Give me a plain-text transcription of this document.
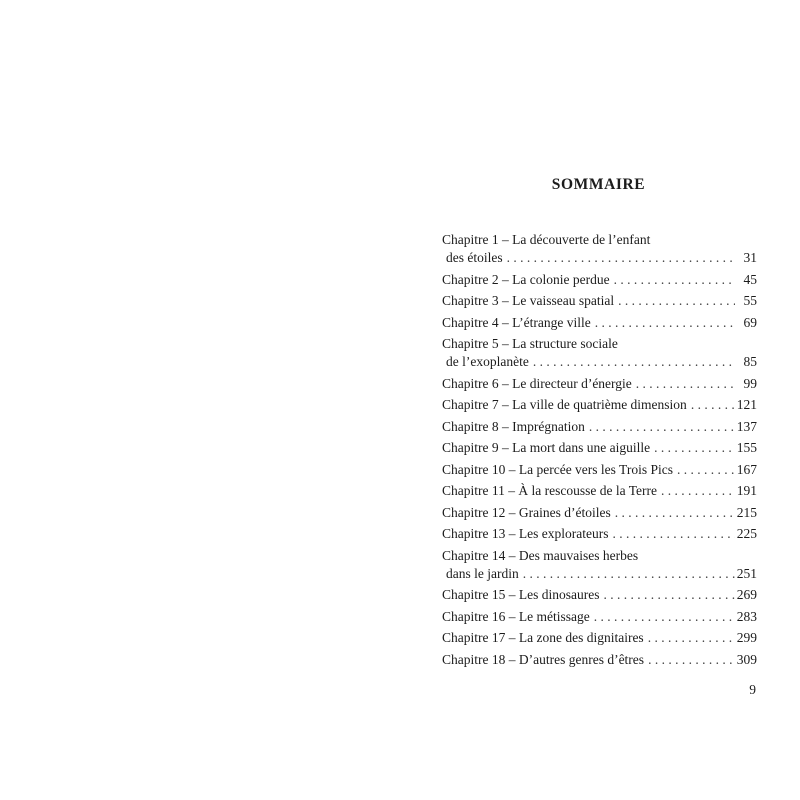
SOMMAIRE
Chapitre 1 – La découverte de l’enfant
des étoiles . . .	31
Chapitre 2 – La colonie perdue . . .	45
Chapitre 3 – Le vaisseau spatial . . .	55
Chapitre 4 – L’étrange ville . . .	69
Chapitre 5 – La structure sociale
de l’exoplanète . . .	85
Chapitre 6 – Le directeur d’énergie . . .	99
Chapitre 7 – La ville de quatrième dimension . . .	121
Chapitre 8 – Imprégnation . . .	137
Chapitre 9 – La mort dans une aiguille . . .	155
Chapitre 10 – La percée vers les Trois Pics . . .	167
Chapitre 11 – À la rescousse de la Terre . . .	191
Chapitre 12 – Graines d’étoiles . . .	215
Chapitre 13 – Les explorateurs . . .	225
Chapitre 14 – Des mauvaises herbes
dans le jardin . . .	251
Chapitre 15 – Les dinosaures . . .	269
Chapitre 16 – Le métissage . . .	283
Chapitre 17 – La zone des dignitaires . . .	299
Chapitre 18 – D’autres genres d’êtres . . .	309
9
